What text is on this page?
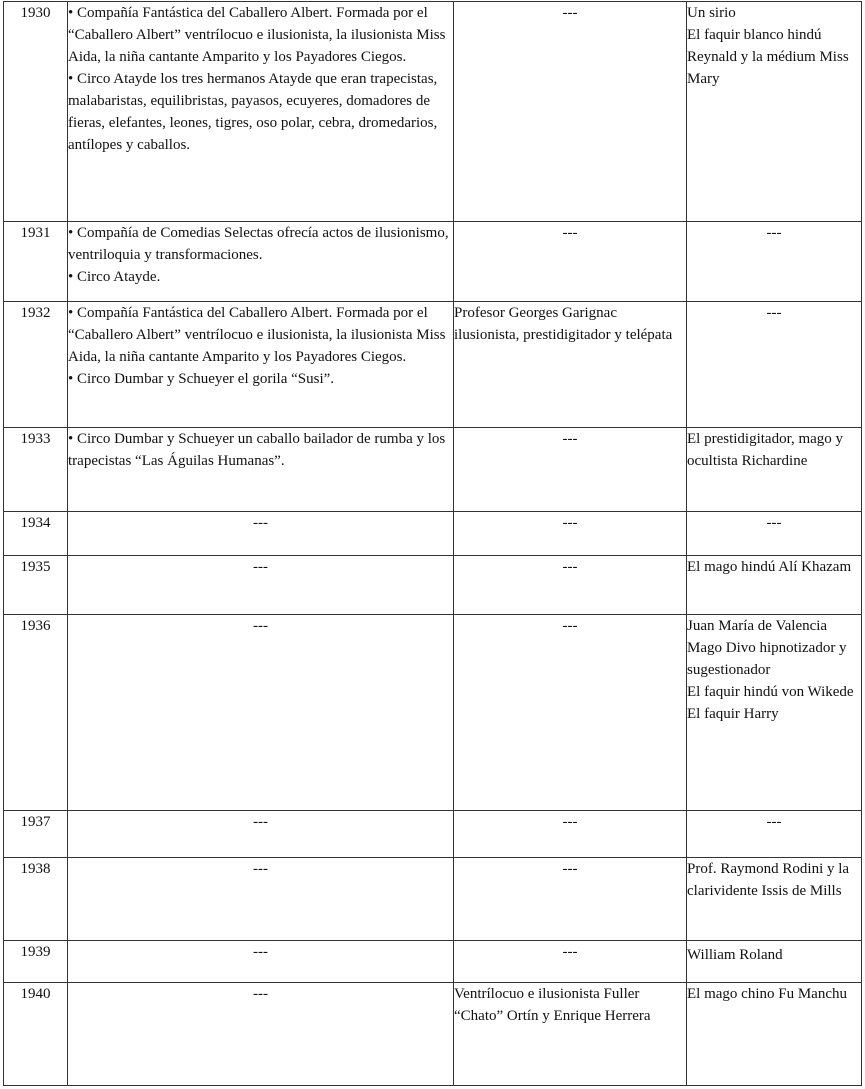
1930	• Compañía Fantástica del Caballero Albert. Formada por el “Caballero Albert” ventrílocuo e ilusionista, la ilusionista Miss Aida, la niña cantante Amparito y los Payadores Ciegos.
• Circo Atayde los tres hermanos Atayde que eran trapecistas, malabaristas, equilibristas, payasos, ecuyeres, domadores de fieras, elefantes, leones, tigres, oso polar, cebra, dromedarios, antílopes y caballos.	---	Un sirio
El faquir blanco hindú Reynald y la médium Miss Mary

1931	• Compañía de Comedias Selectas ofrecía actos de ilusionismo, ventriloquia y transformaciones.
• Circo Atayde.	---	---

1932	• Compañía Fantástica del Caballero Albert. Formada por el “Caballero Albert” ventrílocuo e ilusionista, la ilusionista Miss Aida, la niña cantante Amparito y los Payadores Ciegos.
• Circo Dumbar y Schueyer el gorila “Susi”.	Profesor Georges Garignac ilusionista, prestidigitador y telépata	---

1933	• Circo Dumbar y Schueyer un caballo bailador de rumba y los trapecistas “Las Águilas Humanas”.	---	El prestidigitador, mago y ocultista Richardine

1934	---	---	---

1935	---	---	El mago hindú Alí Khazam

1936	---	---	Juan María de Valencia
Mago Divo hipnotizador y sugestionador
El faquir hindú von Wikede
El faquir Harry

1937	---	---	---

1938	---	---	Prof. Raymond Rodini y la clarividente Issis de Mills

1939	---	---	William Roland

1940	---	Ventrílocuo e ilusionista Fuller
“Chato” Ortín y Enrique Herrera	El mago chino Fu Manchu
